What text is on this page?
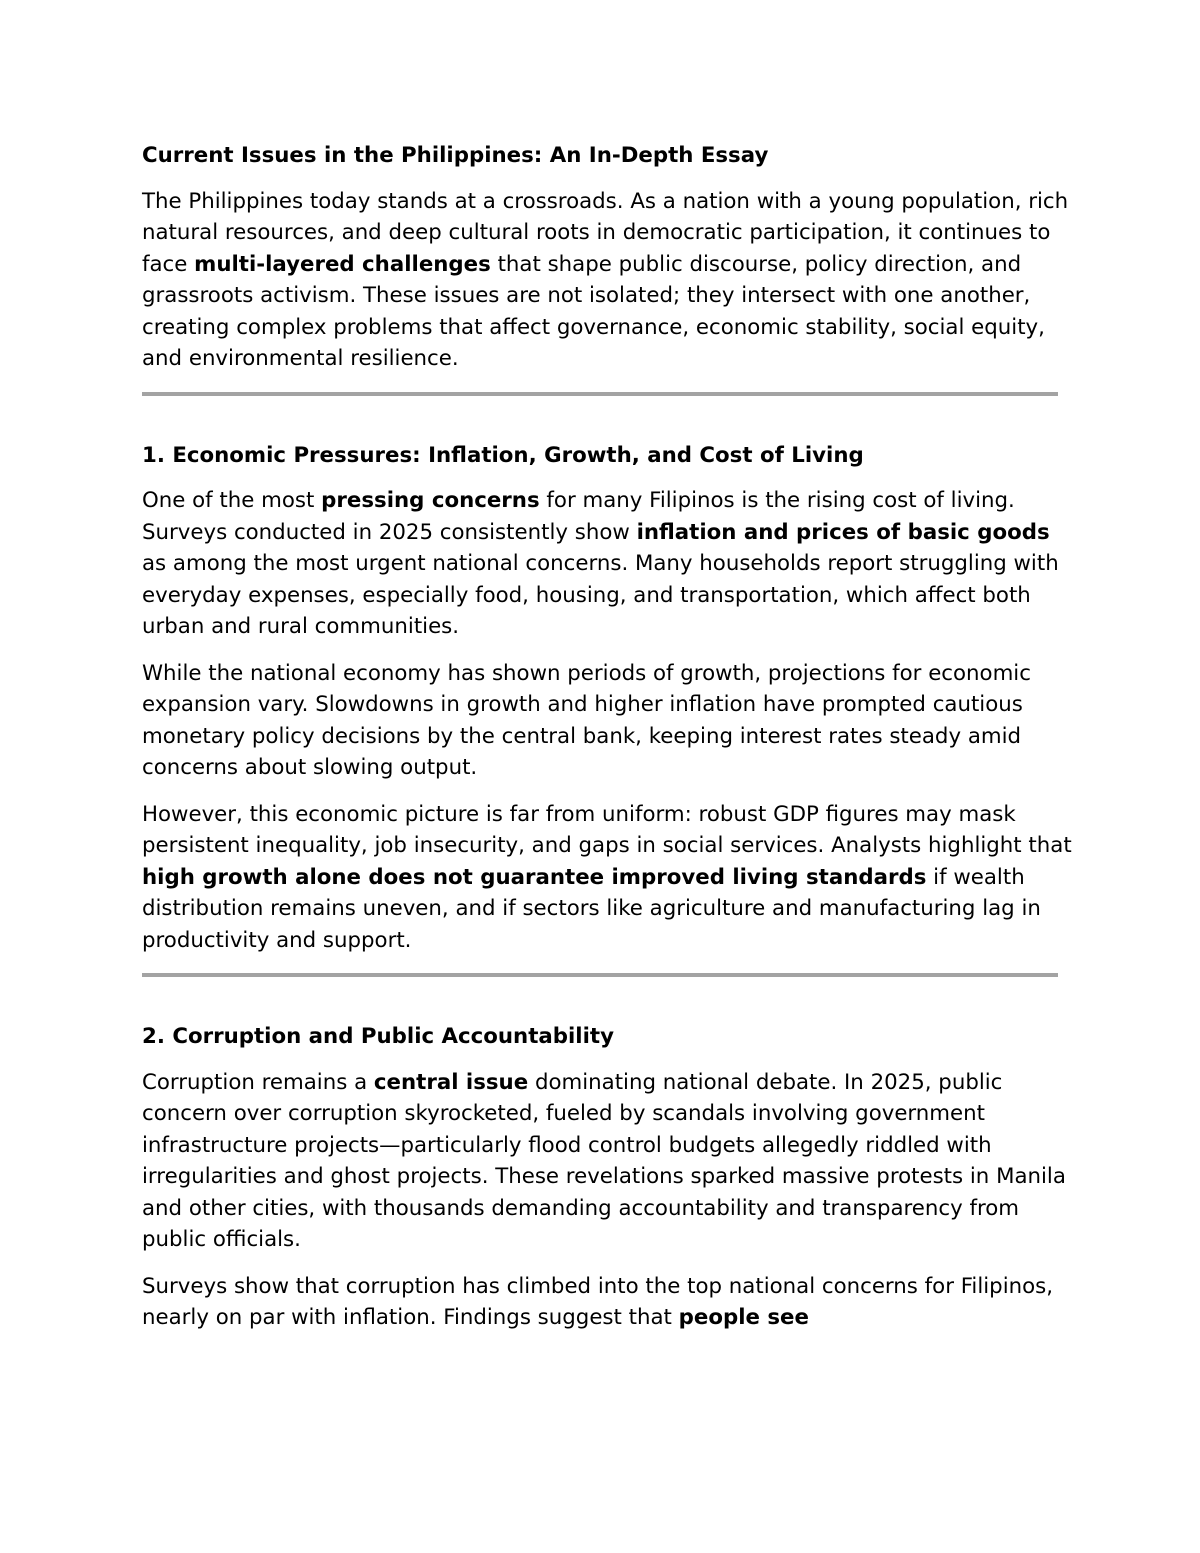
Current Issues in the Philippines: An In-Depth Essay

The Philippines today stands at a crossroads. As a nation with a young population, rich natural resources, and deep cultural roots in democratic participation, it continues to face multi-layered challenges that shape public discourse, policy direction, and grassroots activism. These issues are not isolated; they intersect with one another, creating complex problems that affect governance, economic stability, social equity, and environmental resilience.

1. Economic Pressures: Inflation, Growth, and Cost of Living

One of the most pressing concerns for many Filipinos is the rising cost of living. Surveys conducted in 2025 consistently show inflation and prices of basic goods as among the most urgent national concerns. Many households report struggling with everyday expenses, especially food, housing, and transportation, which affect both urban and rural communities.

While the national economy has shown periods of growth, projections for economic expansion vary. Slowdowns in growth and higher inflation have prompted cautious monetary policy decisions by the central bank, keeping interest rates steady amid concerns about slowing output.

However, this economic picture is far from uniform: robust GDP figures may mask persistent inequality, job insecurity, and gaps in social services. Analysts highlight that high growth alone does not guarantee improved living standards if wealth distribution remains uneven, and if sectors like agriculture and manufacturing lag in productivity and support.

2. Corruption and Public Accountability

Corruption remains a central issue dominating national debate. In 2025, public concern over corruption skyrocketed, fueled by scandals involving government infrastructure projects—particularly flood control budgets allegedly riddled with irregularities and ghost projects. These revelations sparked massive protests in Manila and other cities, with thousands demanding accountability and transparency from public officials.

Surveys show that corruption has climbed into the top national concerns for Filipinos, nearly on par with inflation. Findings suggest that people see
